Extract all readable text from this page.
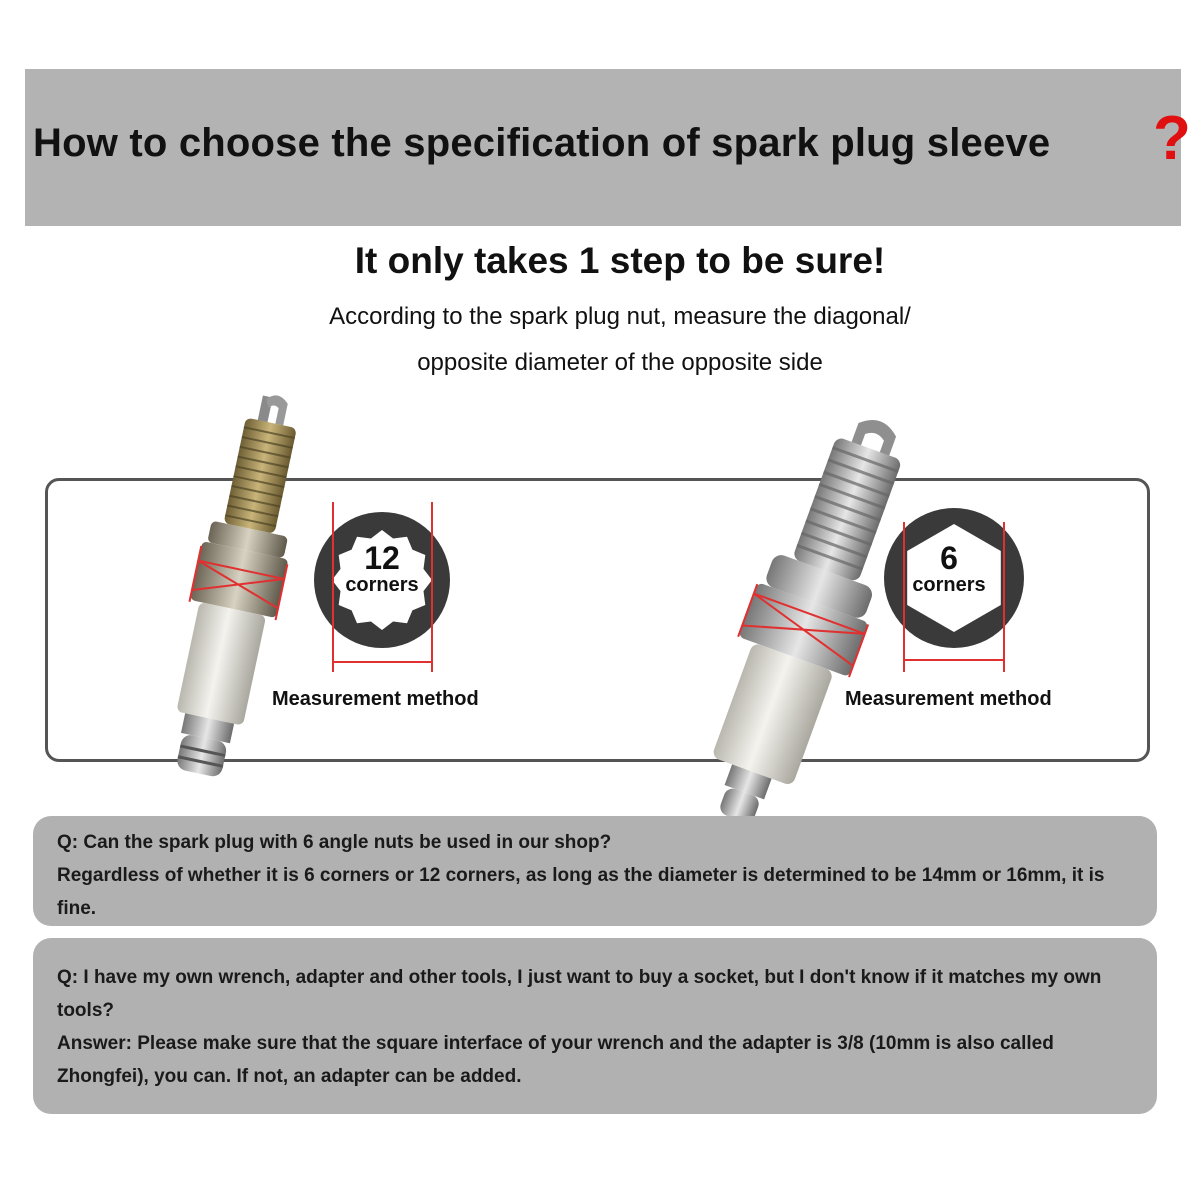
How to choose the specification of spark plug sleeve ?
It only takes 1 step to be sure!
According to the spark plug nut, measure the diagonal/
opposite diameter of the opposite side
12
corners
6
corners
Measurement method	Measurement method

Q: Can the spark plug with 6 angle nuts be used in our shop?

Regardless of whether it is 6 corners or 12 corners, as long as the diameter is determined to be 14mm or 16mm, it is fine.

Q: I have my own wrench, adapter and other tools, I just want to buy a socket, but I don't know if it matches my own tools?

Answer: Please make sure that the square interface of your wrench and the adapter is 3/8 (10mm is also called Zhongfei), you can. If not, an adapter can be added.
